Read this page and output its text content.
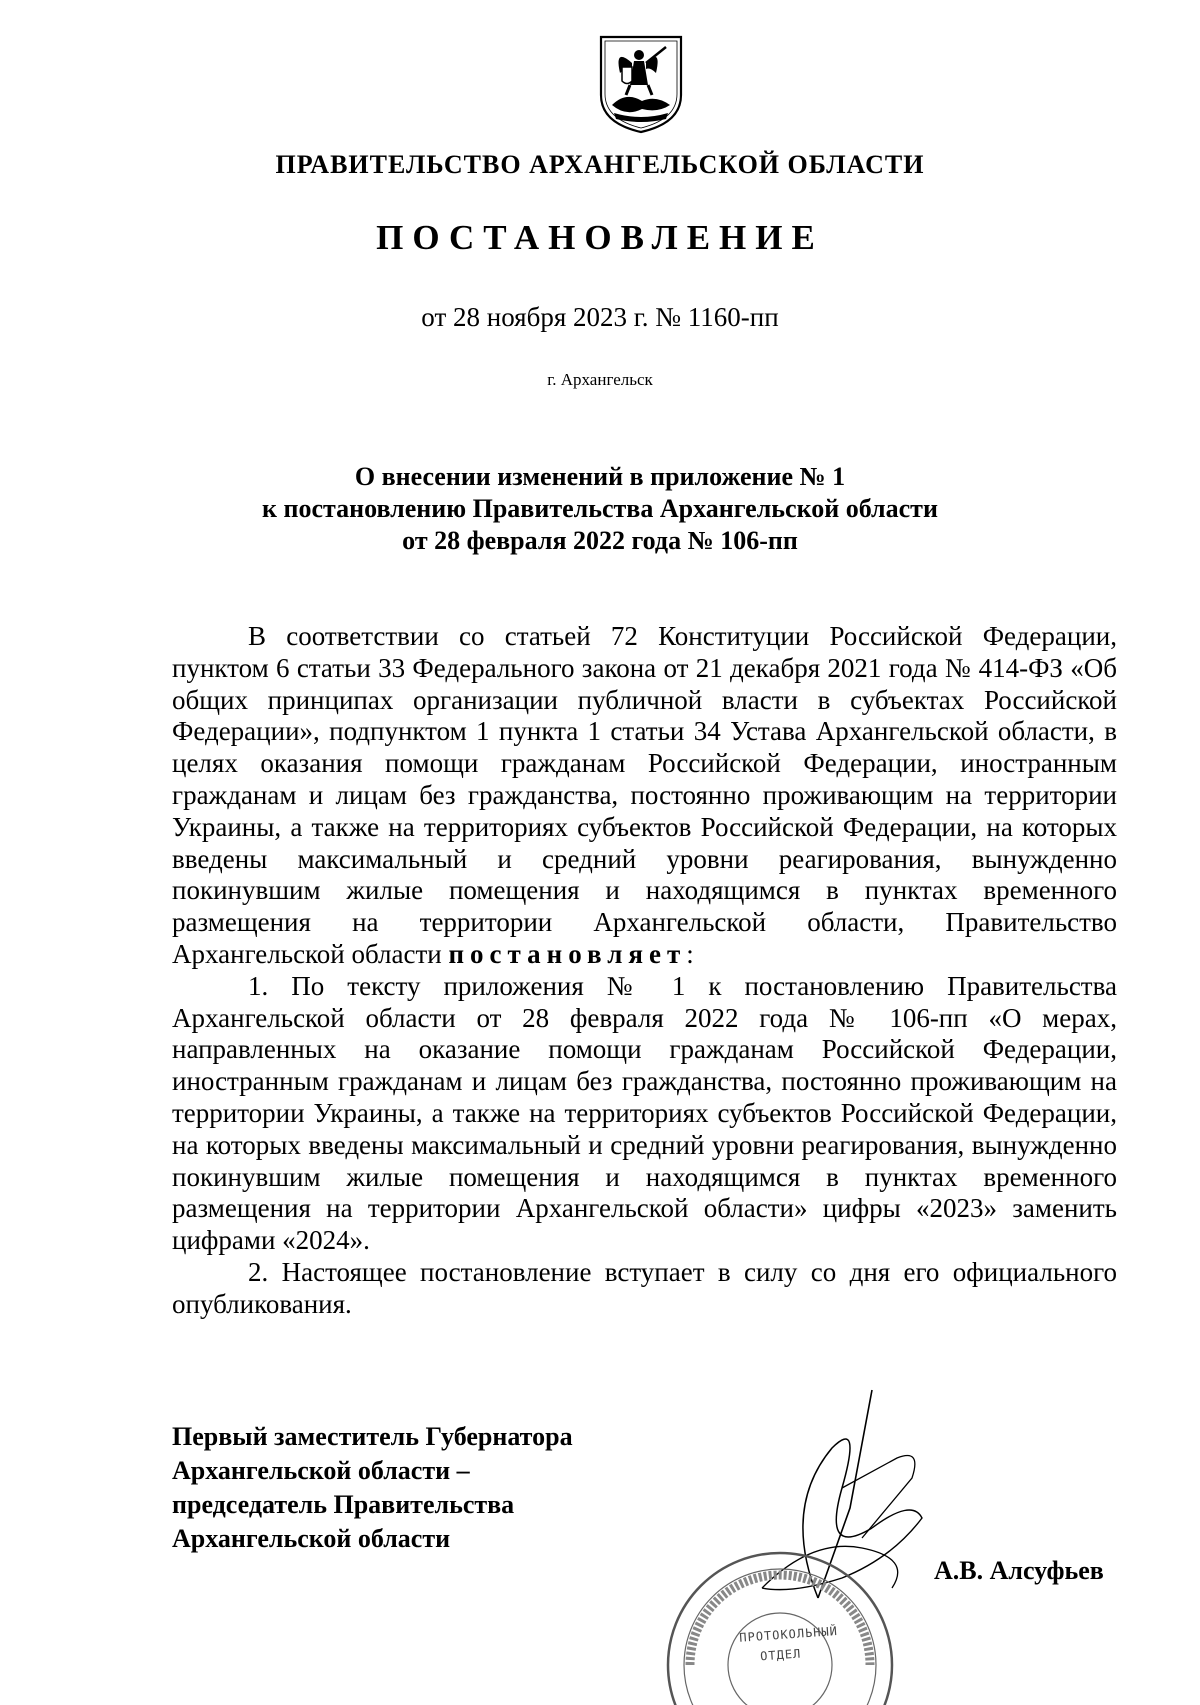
ПРАВИТЕЛЬСТВО АРХАНГЕЛЬСКОЙ ОБЛАСТИ
ПОСТАНОВЛЕНИЕ
от 28 ноября 2023 г. № 1160-пп
г. Архангельск
О внесении изменений в приложение № 1
к постановлению Правительства Архангельской области
от 28 февраля 2022 года № 106-пп

В соответствии со статьей 72 Конституции Российской Федерации, пунктом 6 статьи 33 Федерального закона от 21 декабря 2021 года № 414-ФЗ «Об общих принципах организации публичной власти в субъектах Российской Федерации», подпунктом 1 пункта 1 статьи 34 Устава Архангельской области, в целях оказания помощи гражданам Российской Федерации, иностранным гражданам и лицам без гражданства, постоянно проживающим на территории Украины, а также на территориях субъектов Российской Федерации, на которых введены максимальный и средний уровни реагирования, вынужденно покинувшим жилые помещения и находящимся в пунктах временного размещения на территории Архангельской области, Правительство Архангельской области постановляет:

1. По тексту приложения № 1 к постановлению Правительства Архангельской области от 28 февраля 2022 года № 106-пп «О мерах, направленных на оказание помощи гражданам Российской Федерации, иностранным гражданам и лицам без гражданства, постоянно проживающим на территории Украины, а также на территориях субъектов Российской Федерации, на которых введены максимальный и средний уровни реагирования, вынужденно покинувшим жилые помещения и находящимся в пунктах временного размещения на территории Архангельской области» цифры «2023» заменить цифрами «2024».

2. Настоящее постановление вступает в силу со дня его официального опубликования.

Первый заместитель Губернатора
Архангельской области –
председатель Правительства
Архангельской области
А.В. Алсуфьев
ПРОТОКОЛЬНЫЙ ОТДЕЛ
